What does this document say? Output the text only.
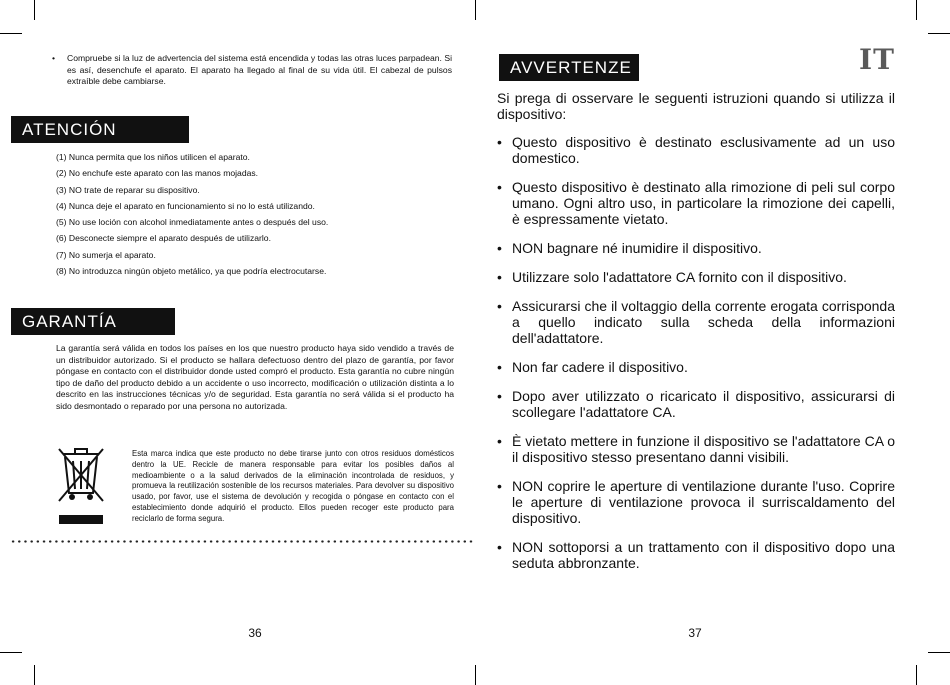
• Compruebe si la luz de advertencia del sistema está encendida y todas las otras luces parpadean. Si es así, desenchufe el aparato. El aparato ha llegado al final de su vida útil. El cabezal de pulsos extraíble debe cambiarse.
ATENCIÓN
(1) Nunca permita que los niños utilicen el aparato.
(2) No enchufe este aparato con las manos mojadas.
(3) NO trate de reparar su dispositivo.
(4) Nunca deje el aparato en funcionamiento si no lo está utilizando.
(5) No use loción con alcohol inmediatamente antes o después del uso.
(6) Desconecte siempre el aparato después de utilizarlo.
(7) No sumerja el aparato.
(8) No introduzca ningún objeto metálico, ya que podría electrocutarse.
GARANTÍA

La garantía será válida en todos los países en los que nuestro producto haya sido vendido a través de un distribuidor autorizado. Si el producto se hallara defectuoso dentro del plazo de garantía, por favor póngase en contacto con el distribuidor donde usted compró el producto. Esta garantía no cubre ningún tipo de daño del producto debido a un accidente o uso incorrecto, modificación o utilización distinta a lo descrito en las instrucciones técnicas y/o de seguridad. Esta garantía no será válida si el producto ha sido desmontado o reparado por una persona no autorizada.

Esta marca indica que este producto no debe tirarse junto con otros residuos domésticos dentro la UE. Recicle de manera responsable para evitar los posibles daños al medioambiente o a la salud derivados de la eliminación incontrolada de residuos, y promueva la reutilización sostenible de los recursos materiales. Para devolver su dispositivo usado, por favor, use el sistema de devolución y recogida o póngase en contacto con el establecimiento donde adquirió el producto. Ellos pueden recoger este producto para reciclarlo de forma segura.

36
IT
AVVERTENZE

Si prega di osservare le seguenti istruzioni quando si utilizza il dispositivo:

• Questo dispositivo è destinato esclusivamente ad un uso domestico.
• Questo dispositivo è destinato alla rimozione di peli sul corpo umano. Ogni altro uso, in particolare la rimozione dei capelli, è espressamente vietato.
• NON bagnare né inumidire il dispositivo.
• Utilizzare solo l'adattatore CA fornito con il dispositivo.
• Assicurarsi che il voltaggio della corrente erogata corrisponda a quello indicato sulla scheda della informazioni dell'adattatore.
• Non far cadere il dispositivo.
• Dopo aver utilizzato o ricaricato il dispositivo, assicurarsi di scollegare l'adattatore CA.
• È vietato mettere in funzione il dispositivo se l'adattatore CA o il dispositivo stesso presentano danni visibili.
• NON coprire le aperture di ventilazione durante l'uso. Coprire le aperture di ventilazione provoca il surriscaldamento del dispositivo.
• NON sottoporsi a un trattamento con il dispositivo dopo una seduta abbronzante.
37
